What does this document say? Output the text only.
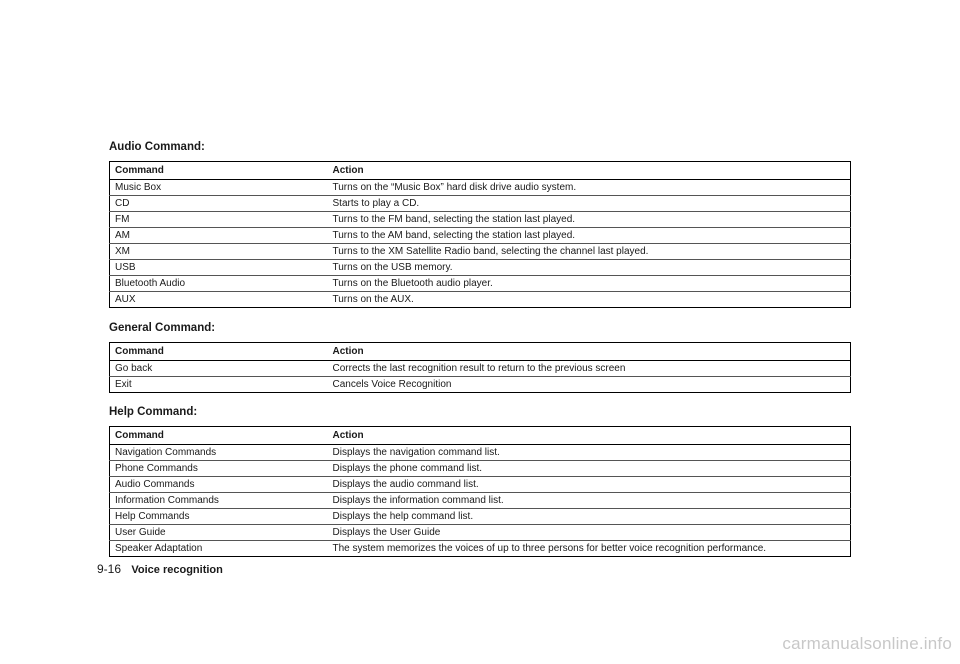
Audio Command:
Command	Action
Music Box	Turns on the “Music Box” hard disk drive audio system.
CD	Starts to play a CD.
FM	Turns to the FM band, selecting the station last played.
AM	Turns to the AM band, selecting the station last played.
XM	Turns to the XM Satellite Radio band, selecting the channel last played.
USB	Turns on the USB memory.
Bluetooth Audio	Turns on the Bluetooth audio player.
AUX	Turns on the AUX.
General Command:
Command	Action
Go back	Corrects the last recognition result to return to the previous screen
Exit	Cancels Voice Recognition
Help Command:
Command	Action
Navigation Commands	Displays the navigation command list.
Phone Commands	Displays the phone command list.
Audio Commands	Displays the audio command list.
Information Commands	Displays the information command list.
Help Commands	Displays the help command list.
User Guide	Displays the User Guide
Speaker Adaptation	The system memorizes the voices of up to three persons for better voice recognition performance.
9-16 Voice recognition
carmanualsonline.info
